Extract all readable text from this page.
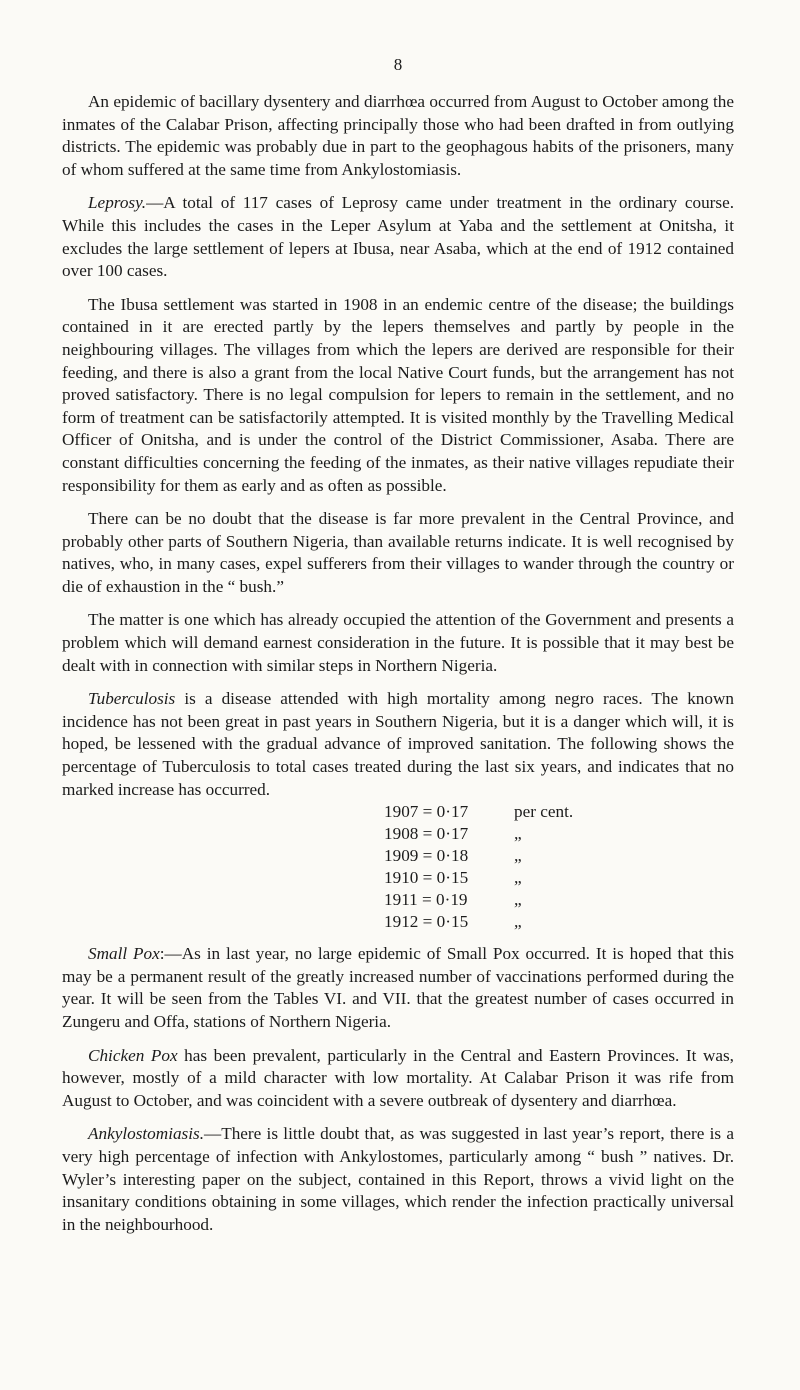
8

An epidemic of bacillary dysentery and diarrhœa occurred from August to October among the inmates of the Calabar Prison, affecting principally those who had been drafted in from outlying districts. The epidemic was probably due in part to the geophagous habits of the prisoners, many of whom suffered at the same time from Ankylostomiasis.

Leprosy.—A total of 117 cases of Leprosy came under treatment in the ordinary course. While this includes the cases in the Leper Asylum at Yaba and the settlement at Onitsha, it excludes the large settlement of lepers at Ibusa, near Asaba, which at the end of 1912 contained over 100 cases.

The Ibusa settlement was started in 1908 in an endemic centre of the disease; the buildings contained in it are erected partly by the lepers themselves and partly by people in the neighbouring villages. The villages from which the lepers are derived are responsible for their feeding, and there is also a grant from the local Native Court funds, but the arrangement has not proved satisfactory. There is no legal compulsion for lepers to remain in the settlement, and no form of treatment can be satisfactorily attempted. It is visited monthly by the Travelling Medical Officer of Onitsha, and is under the control of the District Commissioner, Asaba. There are constant difficulties concerning the feeding of the inmates, as their native villages repudiate their responsibility for them as early and as often as possible.

There can be no doubt that the disease is far more prevalent in the Central Province, and probably other parts of Southern Nigeria, than available returns indicate. It is well recognised by natives, who, in many cases, expel sufferers from their villages to wander through the country or die of exhaustion in the “ bush.”

The matter is one which has already occupied the attention of the Government and presents a problem which will demand earnest consideration in the future. It is possible that it may best be dealt with in connection with similar steps in Northern Nigeria.

Tuberculosis is a disease attended with high mortality among negro races. The known incidence has not been great in past years in Southern Nigeria, but it is a danger which will, it is hoped, be lessened with the gradual advance of improved sanitation. The following shows the percentage of Tuberculosis to total cases treated during the last six years, and indicates that no marked increase has occurred.

1907 = 0·17	per cent.
1908 = 0·17	„
1909 = 0·18	„
1910 = 0·15	„
1911 = 0·19	„
1912 = 0·15	„

Small Pox:—As in last year, no large epidemic of Small Pox occurred. It is hoped that this may be a permanent result of the greatly increased number of vaccinations performed during the year. It will be seen from the Tables VI. and VII. that the greatest number of cases occurred in Zungeru and Offa, stations of Northern Nigeria.

Chicken Pox has been prevalent, particularly in the Central and Eastern Provinces. It was, however, mostly of a mild character with low mortality. At Calabar Prison it was rife from August to October, and was coincident with a severe outbreak of dysentery and diarrhœa.

Ankylostomiasis.—There is little doubt that, as was suggested in last year’s report, there is a very high percentage of infection with Ankylostomes, particularly among “ bush ” natives. Dr. Wyler’s interesting paper on the subject, contained in this Report, throws a vivid light on the insanitary conditions obtaining in some villages, which render the infection practically universal in the neighbourhood.
